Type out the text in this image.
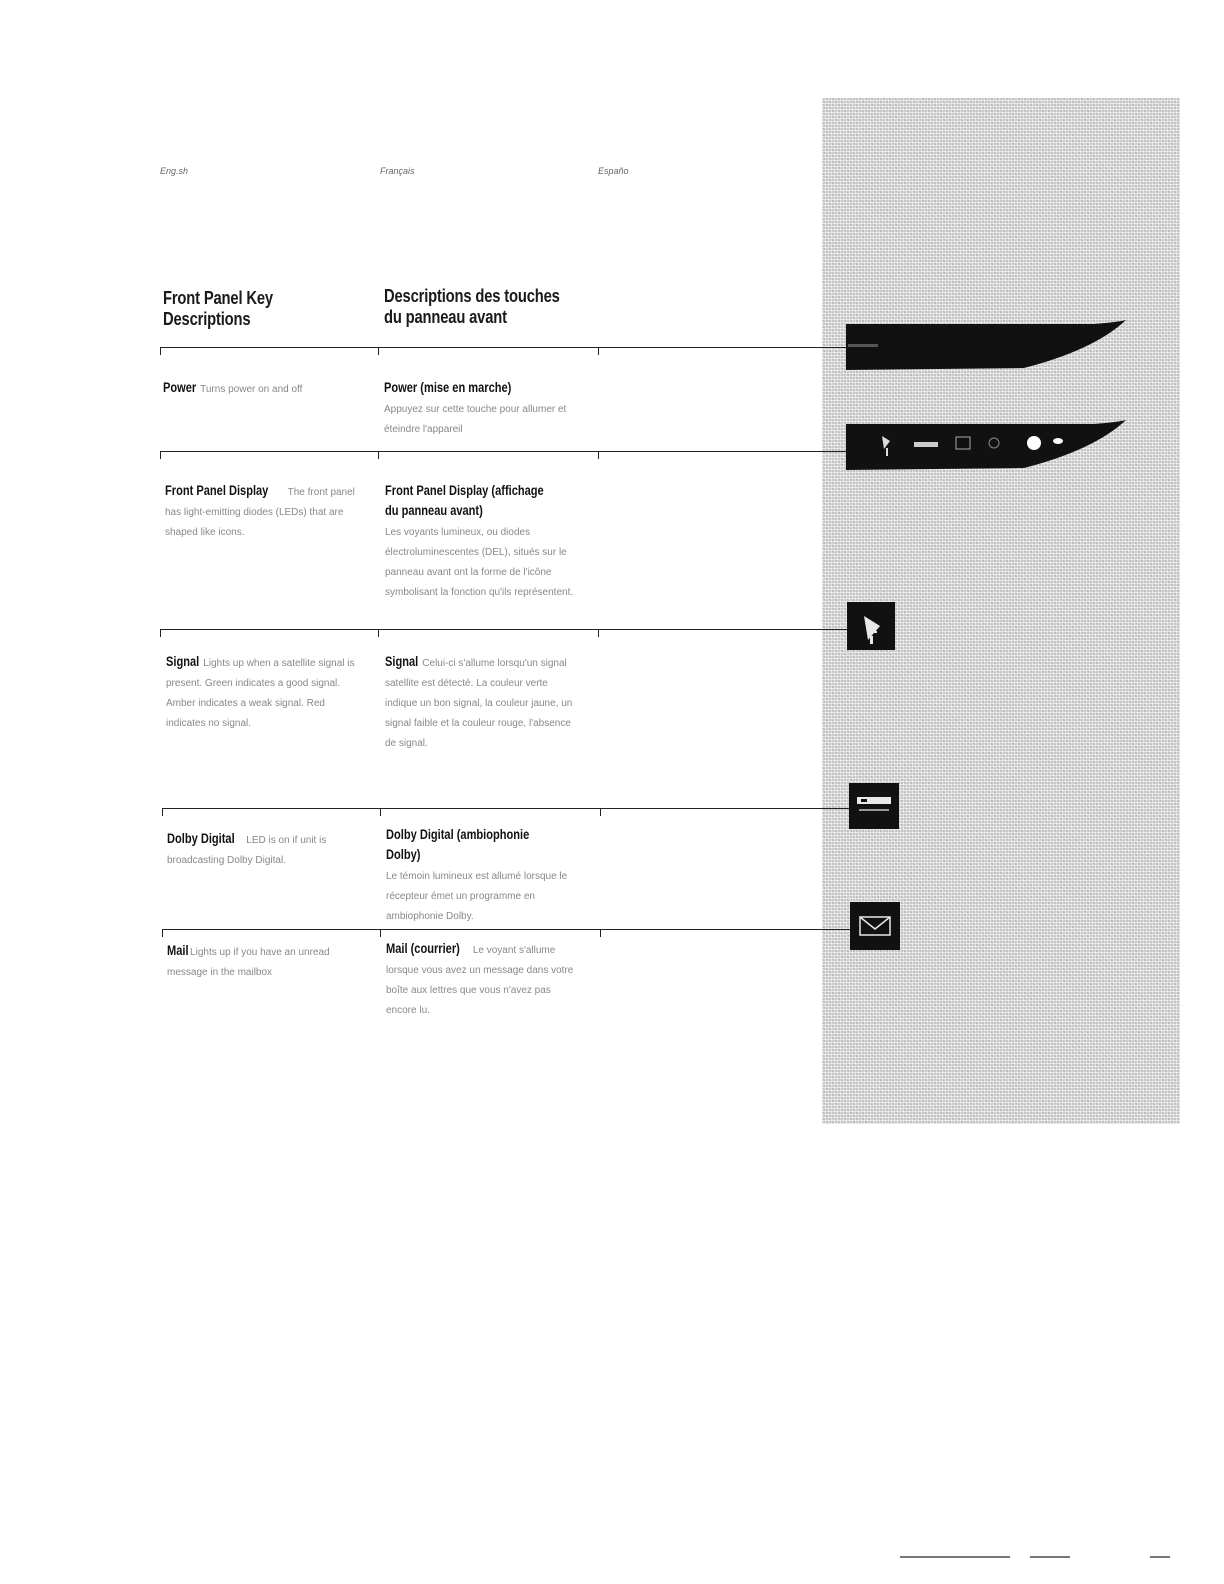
Eng.sh	Français	Españo
Front Panel Key
Descriptions
Descriptions des touches
du panneau avant
Power Turns power on and off
Front Panel Display The front panel has light-emitting diodes (LEDs) that are shaped like icons.
Signal Lights up when a satellite signal is present. Green indicates a good signal. Amber indicates a weak signal. Red indicates no signal.
Dolby Digital LED is on if unit is broadcasting Dolby Digital.
Mail Lights up if you have an unread message in the mailbox
Power (mise en marche)
Appuyez sur cette touche pour allumer et éteindre l'appareil
Front Panel Display (affichage du panneau avant) Les voyants lumineux, ou diodes électroluminescentes (DEL), situés sur le panneau avant ont la forme de l'icône symbolisant la fonction qu'ils représentent.
Signal Celui-ci s'allume lorsqu'un signal satellite est détecté. La couleur verte indique un bon signal, la couleur jaune, un signal faible et la couleur rouge, l'absence de signal.
Dolby Digital (ambiophonie Dolby)
Le témoin lumineux est allumé lorsque le récepteur émet un programme en ambiophonie Dolby.
Mail (courrier) Le voyant s'allume lorsque vous avez un message dans votre boîte aux lettres que vous n'avez pas encore lu.
